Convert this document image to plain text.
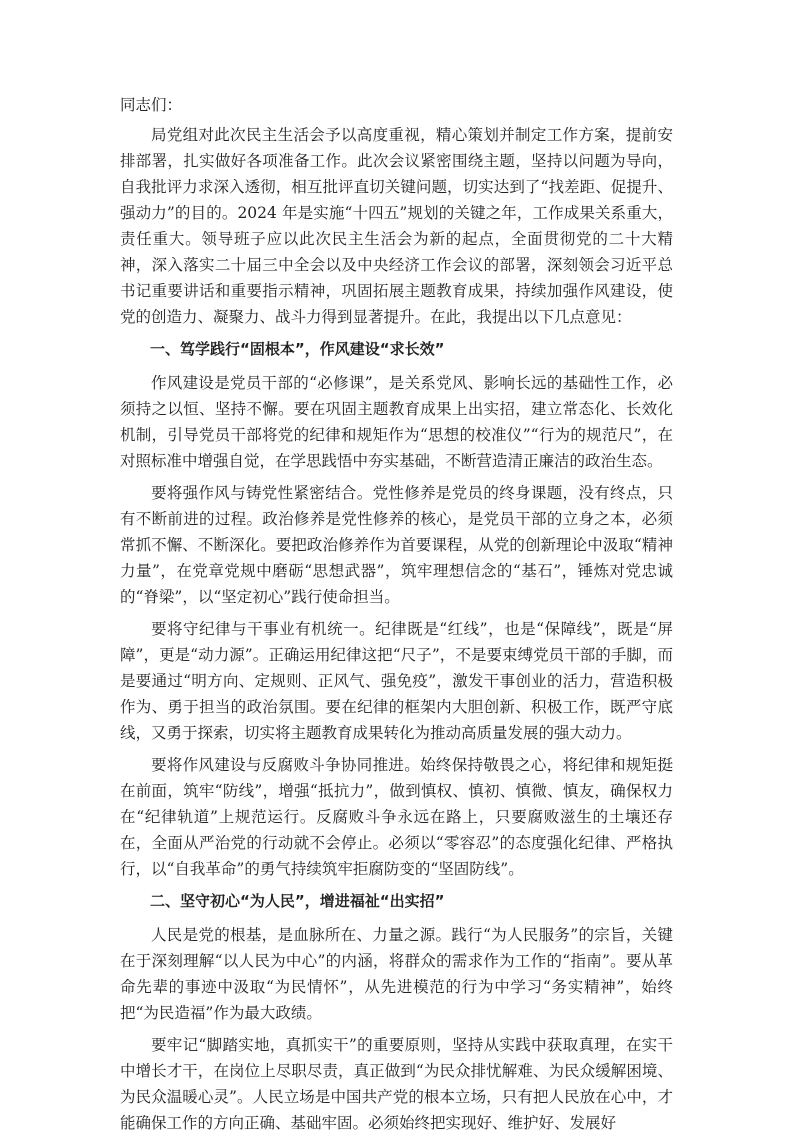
同志们：

局党组对此次民主生活会予以高度重视，精心策划并制定工作方案，提前安排部署，扎实做好各项准备工作。此次会议紧密围绕主题，坚持以问题为导向，自我批评力求深入透彻，相互批评直切关键问题，切实达到了“找差距、促提升、强动力”的目的。2024 年是实施“十四五”规划的关键之年，工作成果关系重大，责任重大。领导班子应以此次民主生活会为新的起点，全面贯彻党的二十大精神，深入落实二十届三中全会以及中央经济工作会议的部署，深刻领会习近平总书记重要讲话和重要指示精神，巩固拓展主题教育成果，持续加强作风建设，使党的创造力、凝聚力、战斗力得到显著提升。在此，我提出以下几点意见：

一、笃学践行“固根本”，作风建设“求长效”

作风建设是党员干部的“必修课”，是关系党风、影响长远的基础性工作，必须持之以恒、坚持不懈。要在巩固主题教育成果上出实招，建立常态化、长效化机制，引导党员干部将党的纪律和规矩作为“思想的校准仪”“行为的规范尺”，在对照标准中增强自觉，在学思践悟中夯实基础，不断营造清正廉洁的政治生态。

要将强作风与铸党性紧密结合。党性修养是党员的终身课题，没有终点，只有不断前进的过程。政治修养是党性修养的核心，是党员干部的立身之本，必须常抓不懈、不断深化。要把政治修养作为首要课程，从党的创新理论中汲取“精神力量”，在党章党规中磨砺“思想武器”，筑牢理想信念的“基石”，锤炼对党忠诚的“脊梁”，以“坚定初心”践行使命担当。

要将守纪律与干事业有机统一。纪律既是“红线”，也是“保障线”，既是“屏障”，更是“动力源”。正确运用纪律这把“尺子”，不是要束缚党员干部的手脚，而是要通过“明方向、定规则、正风气、强免疫”，激发干事创业的活力，营造积极作为、勇于担当的政治氛围。要在纪律的框架内大胆创新、积极工作，既严守底线，又勇于探索，切实将主题教育成果转化为推动高质量发展的强大动力。

要将作风建设与反腐败斗争协同推进。始终保持敬畏之心，将纪律和规矩挺在前面，筑牢“防线”，增强“抵抗力”，做到慎权、慎初、慎微、慎友，确保权力在“纪律轨道”上规范运行。反腐败斗争永远在路上，只要腐败滋生的土壤还存在，全面从严治党的行动就不会停止。必须以“零容忍”的态度强化纪律、严格执行，以“自我革命”的勇气持续筑牢拒腐防变的“坚固防线”。

二、坚守初心“为人民”，增进福祉“出实招”

人民是党的根基，是血脉所在、力量之源。践行“为人民服务”的宗旨，关键在于深刻理解“以人民为中心”的内涵，将群众的需求作为工作的“指南”。要从革命先辈的事迹中汲取“为民情怀”，从先进模范的行为中学习“务实精神”，始终把“为民造福”作为最大政绩。

要牢记“脚踏实地，真抓实干”的重要原则，坚持从实践中获取真理，在实干中增长才干，在岗位上尽职尽责，真正做到“为民众排忧解难、为民众缓解困境、为民众温暖心灵”。人民立场是中国共产党的根本立场，只有把人民放在心中，才能确保工作的方向正确、基础牢固。必须始终把实现好、维护好、发展好
